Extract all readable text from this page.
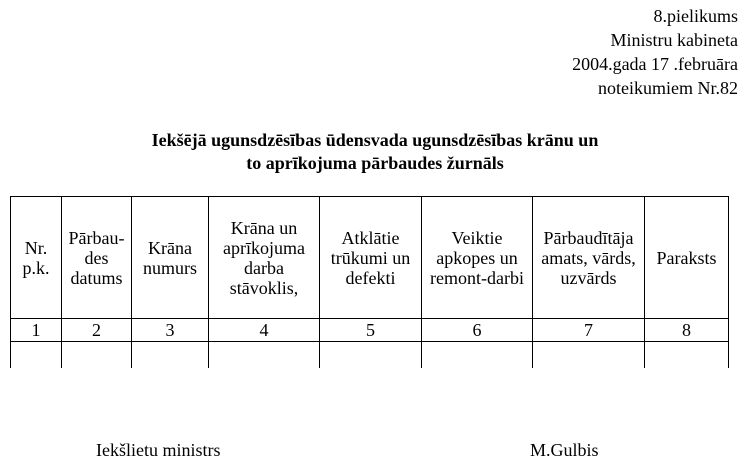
8.pielikums
Ministru kabineta
2004.gada 17 .februāra
noteikumiem Nr.82
Iekšējā ugunsdzēsības ūdensvada ugunsdzēsības krānu un
to aprīkojuma pārbaudes žurnāls
Nr. p.k.	Pārbau-des datums	Krāna numurs	Krāna un aprīkojuma darba stāvoklis,	Atklātie trūkumi un defekti	Veiktie apkopes un remont-darbi	Pārbaudītāja amats, vārds, uzvārds	Paraksts
1	2	3	4	5	6	7	8

Iekšlietu ministrs	M.Gulbis
